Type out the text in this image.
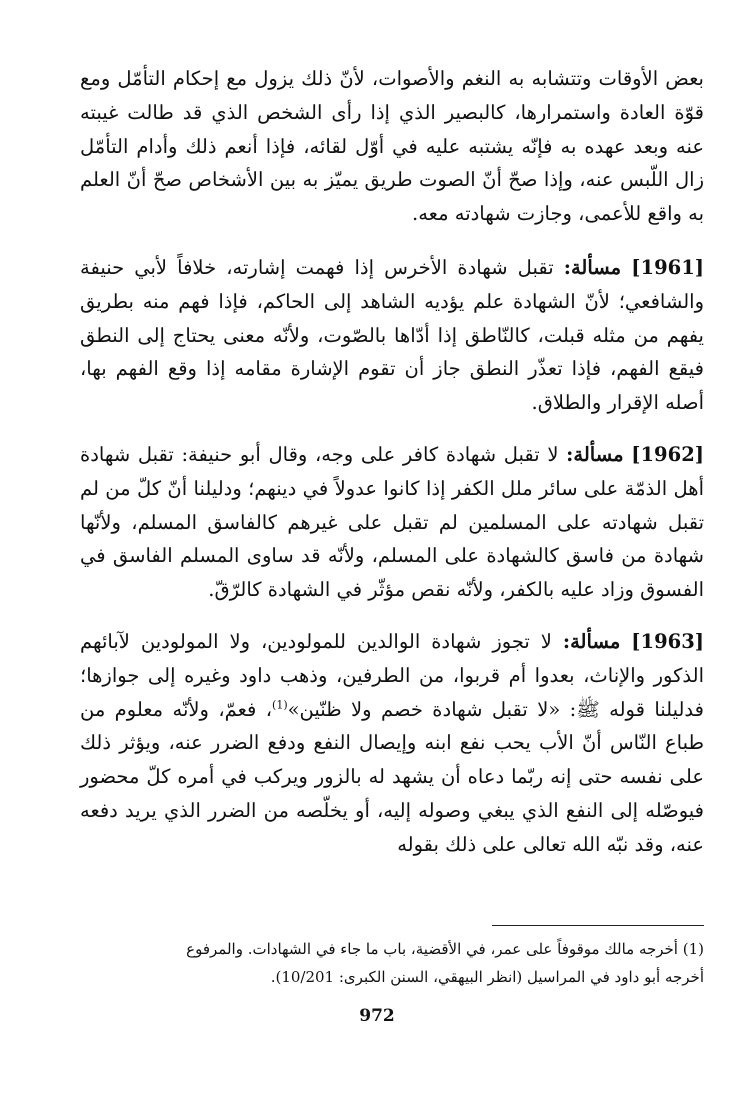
بعض الأوقات وتتشابه به النغم والأصوات، لأنّ ذلك يزول مع إحكام التأمّل ومع قوّة العادة واستمرارها، كالبصير الذي إذا رأى الشخص الذي قد طالت غيبته عنه وبعد عهده به فإنّه يشتبه عليه في أوّل لقائه، فإذا أنعم ذلك وأدام التأمّل زال اللّبس عنه، وإذا صحّ أنّ الصوت طريق يميّز به بين الأشخاص صحّ أنّ العلم به واقع للأعمى، وجازت شهادته معه.

[1961] مسألة: تقبل شهادة الأخرس إذا فهمت إشارته، خلافاً لأبي حنيفة والشافعي؛ لأنّ الشهادة علم يؤديه الشاهد إلى الحاكم، فإذا فهم منه بطريق يفهم من مثله قبلت، كالنّاطق إذا أدّاها بالصّوت، ولأنّه معنى يحتاج إلى النطق فيقع الفهم، فإذا تعذّر النطق جاز أن تقوم الإشارة مقامه إذا وقع الفهم بها، أصله الإقرار والطلاق.

[1962] مسألة: لا تقبل شهادة كافر على وجه، وقال أبو حنيفة: تقبل شهادة أهل الذمّة على سائر ملل الكفر إذا كانوا عدولاً في دينهم؛ ودليلنا أنّ كلّ من لم تقبل شهادته على المسلمين لم تقبل على غيرهم كالفاسق المسلم، ولأنّها شهادة من فاسق كالشهادة على المسلم، ولأنّه قد ساوى المسلم الفاسق في الفسوق وزاد عليه بالكفر، ولأنّه نقص مؤثّر في الشهادة كالرّقّ.

[1963] مسألة: لا تجوز شهادة الوالدين للمولودين، ولا المولودين لآبائهم الذكور والإناث، بعدوا أم قربوا، من الطرفين، وذهب داود وغيره إلى جوازها؛ فدليلنا قوله ﷺ: «لا تقبل شهادة خصم ولا ظنّين»$^{(1)}$، فعمّ، ولأنّه معلوم من طباع النّاس أنّ الأب يحب نفع ابنه وإيصال النفع ودفع الضرر عنه، ويؤثر ذلك على نفسه حتى إنه ربّما دعاه أن يشهد له بالزور ويركب في أمره كلّ محضور فيوصّله إلى النفع الذي يبغي وصوله إليه، أو يخلّصه من الضرر الذي يريد دفعه عنه، وقد نبّه الله تعالى على ذلك بقوله

(1) أخرجه مالك موقوفاً على عمر، في الأقضية، باب ما جاء في الشهادات. والمرفوع

أخرجه أبو داود في المراسيل (انظر البيهقي، السنن الكبرى: 10/201).

972
